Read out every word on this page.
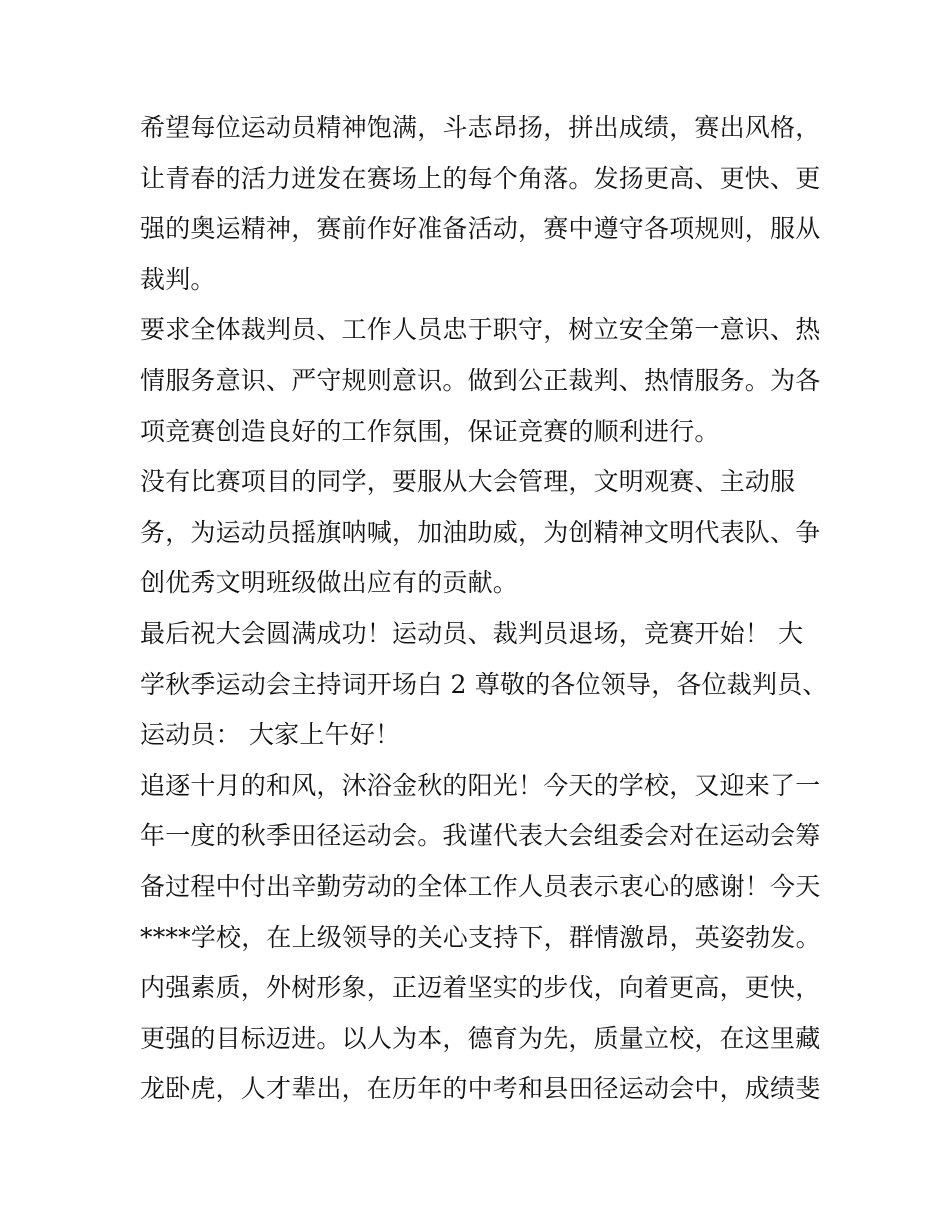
希望每位运动员精神饱满，斗志昂扬，拼出成绩，赛出风格，
让青春的活力迸发在赛场上的每个角落。发扬更高、更快、更
强的奥运精神，赛前作好准备活动，赛中遵守各项规则，服从
裁判。
要求全体裁判员、工作人员忠于职守，树立安全第一意识、热
情服务意识、严守规则意识。做到公正裁判、热情服务。为各
项竞赛创造良好的工作氛围，保证竞赛的顺利进行。
没有比赛项目的同学，要服从大会管理，文明观赛、主动服
务，为运动员摇旗呐喊，加油助威，为创精神文明代表队、争
创优秀文明班级做出应有的贡献。
最后祝大会圆满成功！运动员、裁判员退场，竞赛开始！ 大
学秋季运动会主持词开场白 2 尊敬的各位领导，各位裁判员、
运动员： 大家上午好！
追逐十月的和风，沐浴金秋的阳光！今天的学校，又迎来了一
年一度的秋季田径运动会。我谨代表大会组委会对在运动会筹
备过程中付出辛勤劳动的全体工作人员表示衷心的感谢！今天
****学校，在上级领导的关心支持下，群情激昂，英姿勃发。
内强素质，外树形象，正迈着坚实的步伐，向着更高，更快，
更强的目标迈进。以人为本，德育为先，质量立校，在这里藏
龙卧虎，人才辈出，在历年的中考和县田径运动会中，成绩斐
